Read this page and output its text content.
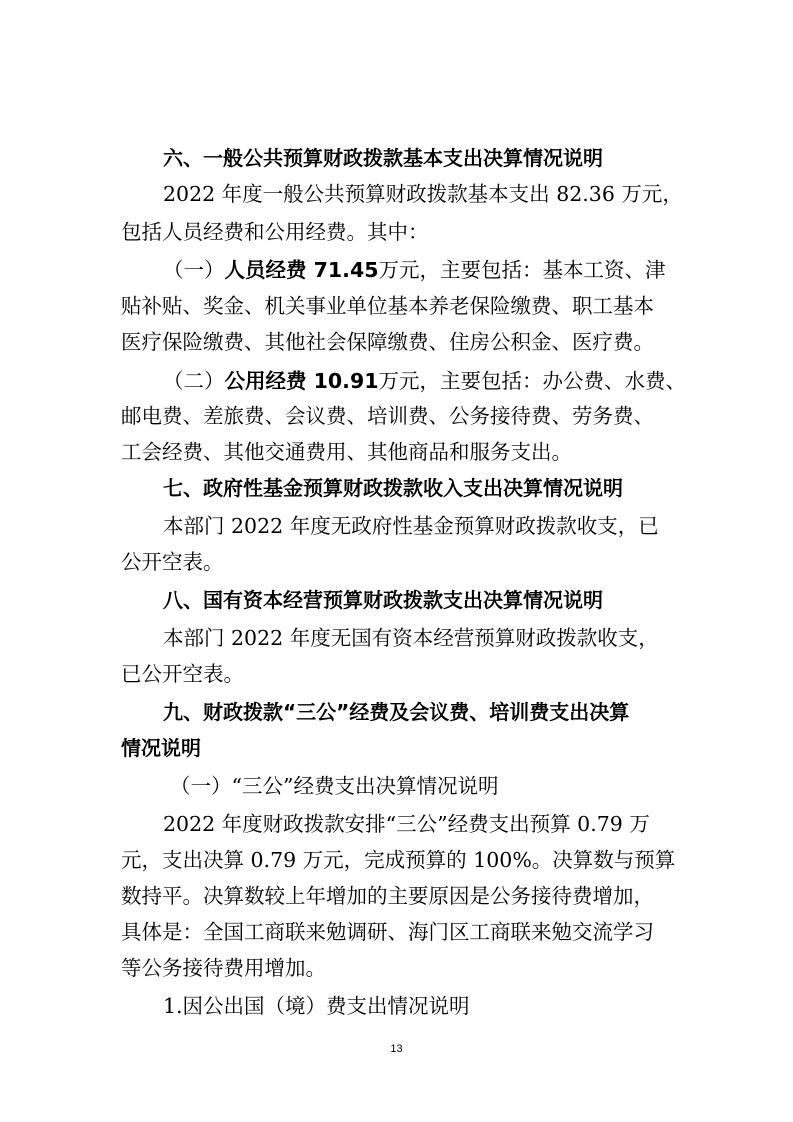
六、一般公共预算财政拨款基本支出决算情况说明
2022 年度一般公共预算财政拨款基本支出 82.36 万元，
包括人员经费和公用经费。其中：
（一）人员经费 71.45万元，主要包括：基本工资、津
贴补贴、奖金、机关事业单位基本养老保险缴费、职工基本
医疗保险缴费、其他社会保障缴费、住房公积金、医疗费。
（二）公用经费 10.91万元，主要包括：办公费、水费、
邮电费、差旅费、会议费、培训费、公务接待费、劳务费、
工会经费、其他交通费用、其他商品和服务支出。
七、政府性基金预算财政拨款收入支出决算情况说明
本部门 2022 年度无政府性基金预算财政拨款收支，已
公开空表。
八、国有资本经营预算财政拨款支出决算情况说明
本部门 2022 年度无国有资本经营预算财政拨款收支，
已公开空表。
九、财政拨款“三公”经费及会议费、培训费支出决算
情况说明
（一）“三公”经费支出决算情况说明
2022 年度财政拨款安排“三公”经费支出预算 0.79 万
元，支出决算 0.79 万元，完成预算的 100%。决算数与预算
数持平。决算数较上年增加的主要原因是公务接待费增加，
具体是：全国工商联来勉调研、海门区工商联来勉交流学习
等公务接待费用增加。
1.因公出国（境）费支出情况说明
13
